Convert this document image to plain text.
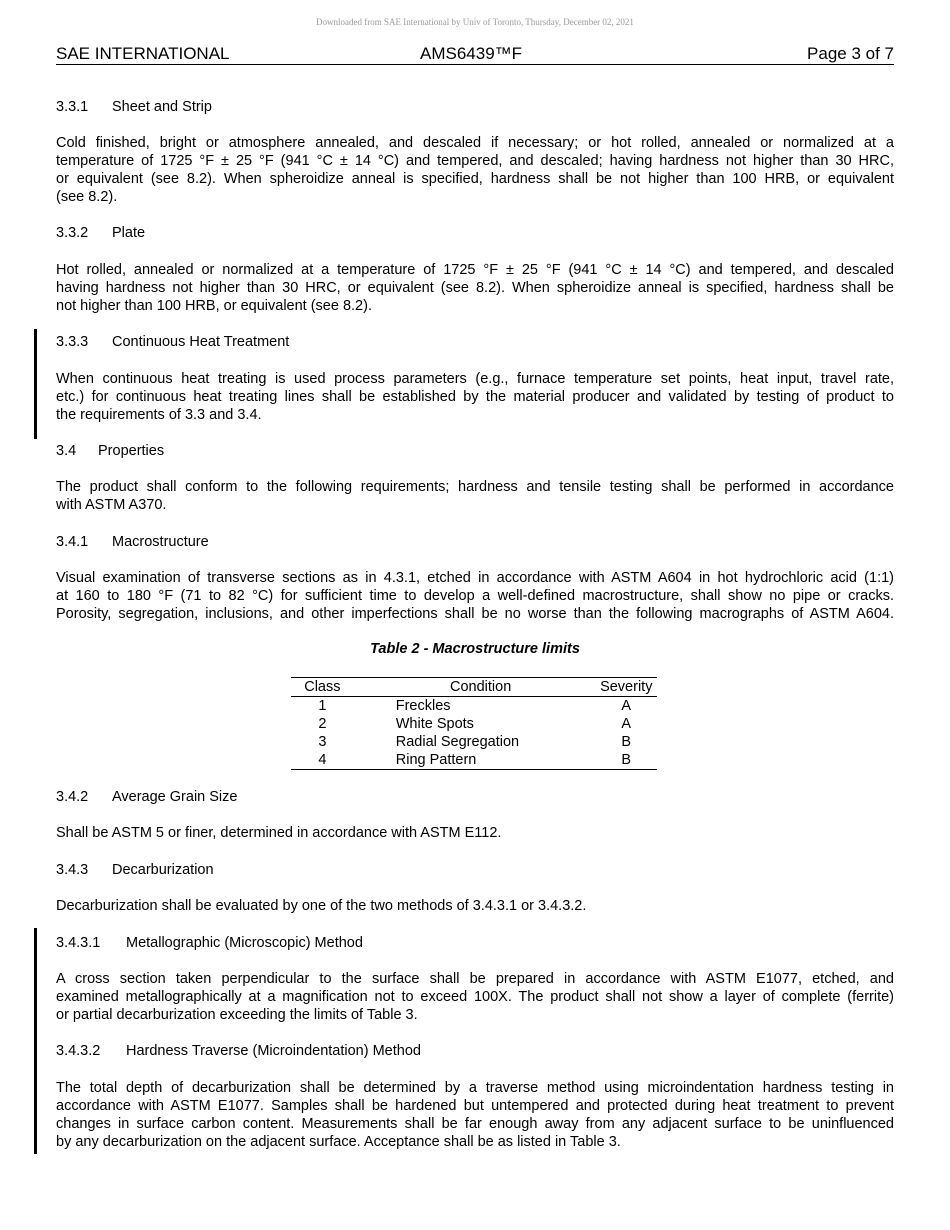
Downloaded from SAE International by Univ of Toronto, Thursday, December 02, 2021
SAE INTERNATIONAL	AMS6439™F	Page 3 of 7
3.3.1 Sheet and Strip
Cold finished, bright or atmosphere annealed, and descaled if necessary; or hot rolled, annealed or normalized at a
temperature of 1725 °F ± 25 °F (941 °C ± 14 °C) and tempered, and descaled; having hardness not higher than 30 HRC,
or equivalent (see 8.2). When spheroidize anneal is specified, hardness shall be not higher than 100 HRB, or equivalent
(see 8.2).
3.3.2 Plate
Hot rolled, annealed or normalized at a temperature of 1725 °F ± 25 °F (941 °C ± 14 °C) and tempered, and descaled
having hardness not higher than 30 HRC, or equivalent (see 8.2). When spheroidize anneal is specified, hardness shall be
not higher than 100 HRB, or equivalent (see 8.2).
3.3.3 Continuous Heat Treatment
When continuous heat treating is used process parameters (e.g., furnace temperature set points, heat input, travel rate,
etc.) for continuous heat treating lines shall be established by the material producer and validated by testing of product to
the requirements of 3.3 and 3.4.
3.4 Properties
The product shall conform to the following requirements; hardness and tensile testing shall be performed in accordance
with ASTM A370.
3.4.1 Macrostructure
Visual examination of transverse sections as in 4.3.1, etched in accordance with ASTM A604 in hot hydrochloric acid (1:1)
at 160 to 180 °F (71 to 82 °C) for sufficient time to develop a well-defined macrostructure, shall show no pipe or cracks.
Porosity, segregation, inclusions, and other imperfections shall be no worse than the following macrographs of ASTM A604.
Table 2 - Macrostructure limits
Class	Condition	Severity
1	Freckles	A
2	White Spots	A
3	Radial Segregation	B
4	Ring Pattern	B
3.4.2 Average Grain Size
Shall be ASTM 5 or finer, determined in accordance with ASTM E112.
3.4.3 Decarburization
Decarburization shall be evaluated by one of the two methods of 3.4.3.1 or 3.4.3.2.
3.4.3.1 Metallographic (Microscopic) Method
A cross section taken perpendicular to the surface shall be prepared in accordance with ASTM E1077, etched, and
examined metallographically at a magnification not to exceed 100X. The product shall not show a layer of complete (ferrite)
or partial decarburization exceeding the limits of Table 3.
3.4.3.2 Hardness Traverse (Microindentation) Method
The total depth of decarburization shall be determined by a traverse method using microindentation hardness testing in
accordance with ASTM E1077. Samples shall be hardened but untempered and protected during heat treatment to prevent
changes in surface carbon content. Measurements shall be far enough away from any adjacent surface to be uninfluenced
by any decarburization on the adjacent surface. Acceptance shall be as listed in Table 3.
